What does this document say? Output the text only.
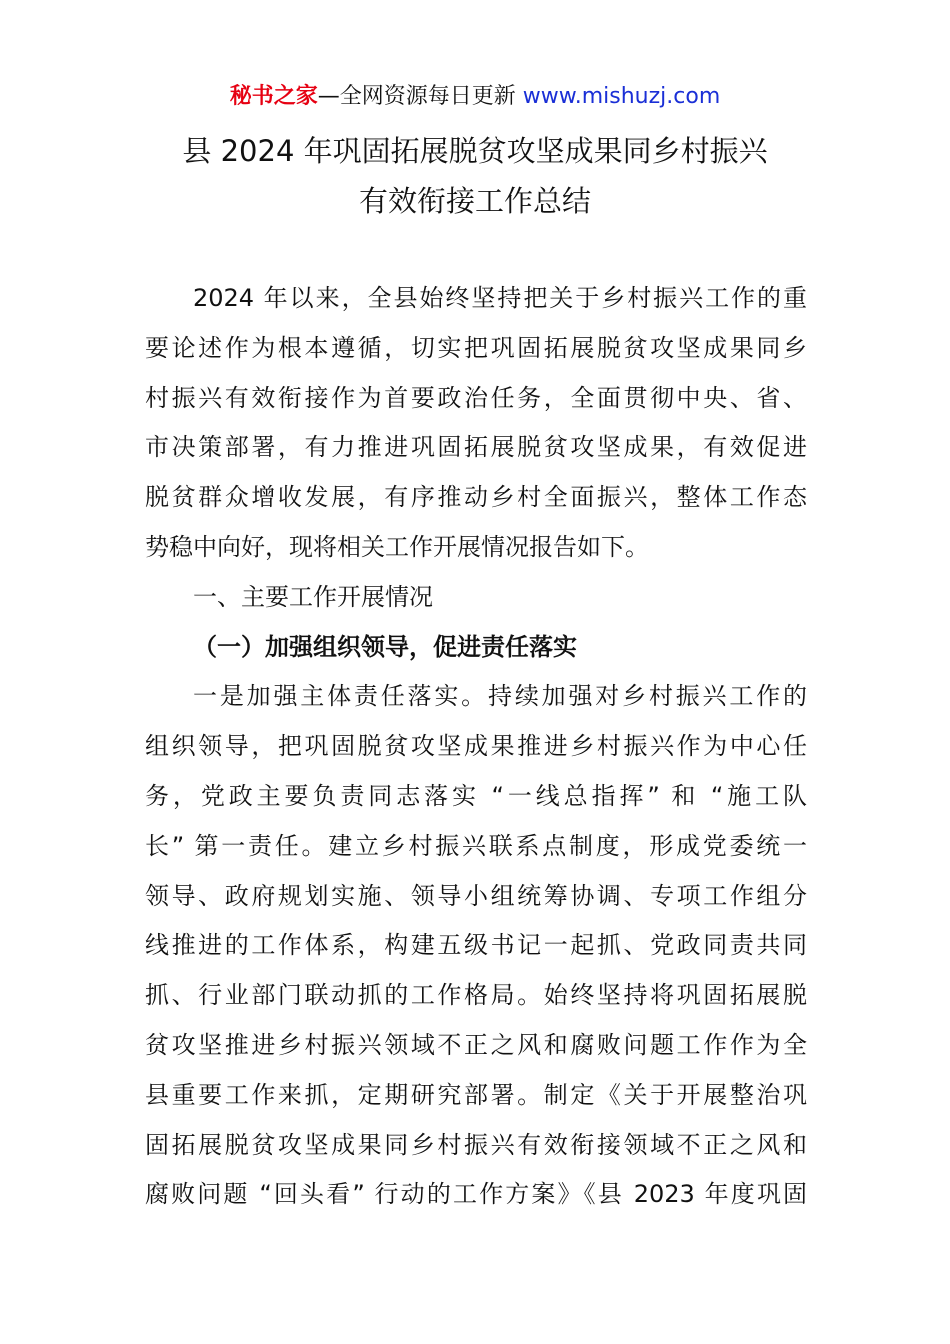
秘书之家—全网资源每日更新 www.mishuzj.com
县 2024 年巩固拓展脱贫攻坚成果同乡村振兴
有效衔接工作总结
2024 年以来，全县始终坚持把关于乡村振兴工作的重
要论述作为根本遵循，切实把巩固拓展脱贫攻坚成果同乡
村振兴有效衔接作为首要政治任务，全面贯彻中央、省、
市决策部署，有力推进巩固拓展脱贫攻坚成果，有效促进
脱贫群众增收发展，有序推动乡村全面振兴，整体工作态
势稳中向好，现将相关工作开展情况报告如下。
一、主要工作开展情况
（一）加强组织领导，促进责任落实
一是加强主体责任落实。持续加强对乡村振兴工作的
组织领导，把巩固脱贫攻坚成果推进乡村振兴作为中心任
务，党政主要负责同志落实 “一线总指挥” 和 “施工队
长” 第一责任。建立乡村振兴联系点制度，形成党委统一
领导、政府规划实施、领导小组统筹协调、专项工作组分
线推进的工作体系，构建五级书记一起抓、党政同责共同
抓、行业部门联动抓的工作格局。始终坚持将巩固拓展脱
贫攻坚推进乡村振兴领域不正之风和腐败问题工作作为全
县重要工作来抓，定期研究部署。制定《关于开展整治巩
固拓展脱贫攻坚成果同乡村振兴有效衔接领域不正之风和
腐败问题 “回头看” 行动的工作方案》《县 2023 年度巩固
